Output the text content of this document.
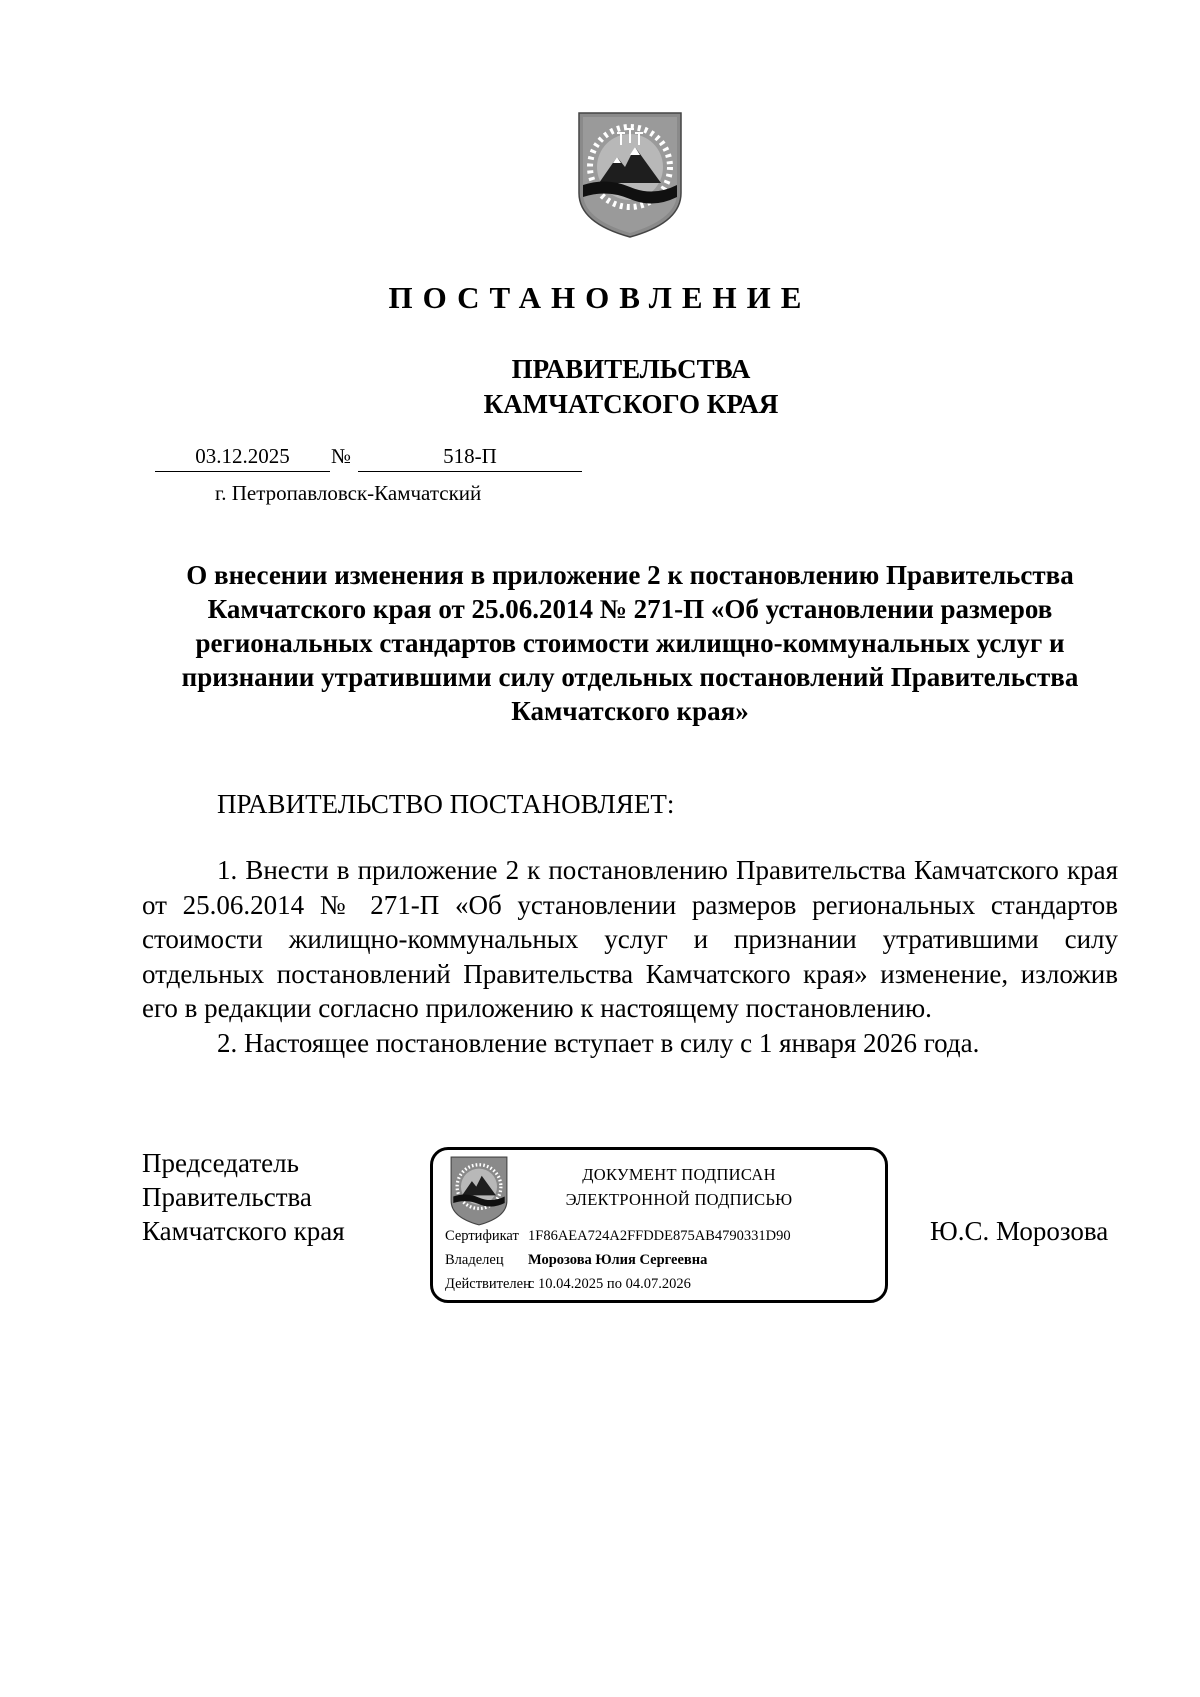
ПОСТАНОВЛЕНИЕ
ПРАВИТЕЛЬСТВА
КАМЧАТСКОГО КРАЯ
03.12.2025	№	518-П
г. Петропавловск-Камчатский
О внесении изменения в приложение 2 к постановлению Правительства
Камчатского края от 25.06.2014 № 271-П «Об установлении размеров
региональных стандартов стоимости жилищно-коммунальных услуг и
признании утратившими силу отдельных постановлений Правительства
Камчатского края»
ПРАВИТЕЛЬСТВО ПОСТАНОВЛЯЕТ:

1. Внести в приложение 2 к постановлению Правительства Камчатского края от 25.06.2014 № 271-П «Об установлении размеров региональных стандартов стоимости жилищно-коммунальных услуг и признании утратившими силу отдельных постановлений Правительства Камчатского края» изменение, изложив его в редакции согласно приложению к настоящему постановлению.

2. Настоящее постановление вступает в силу с 1 января 2026 года.

Председатель
Правительства
Камчатского края
ДОКУМЕНТ ПОДПИСАН
ЭЛЕКТРОННОЙ ПОДПИСЬЮ
Сертификат 1F86AEA724A2FFDDE875AB4790331D90
Владелец Морозова Юлия Сергеевна
Действителенс 10.04.2025 по 04.07.2026
Ю.С. Морозова
